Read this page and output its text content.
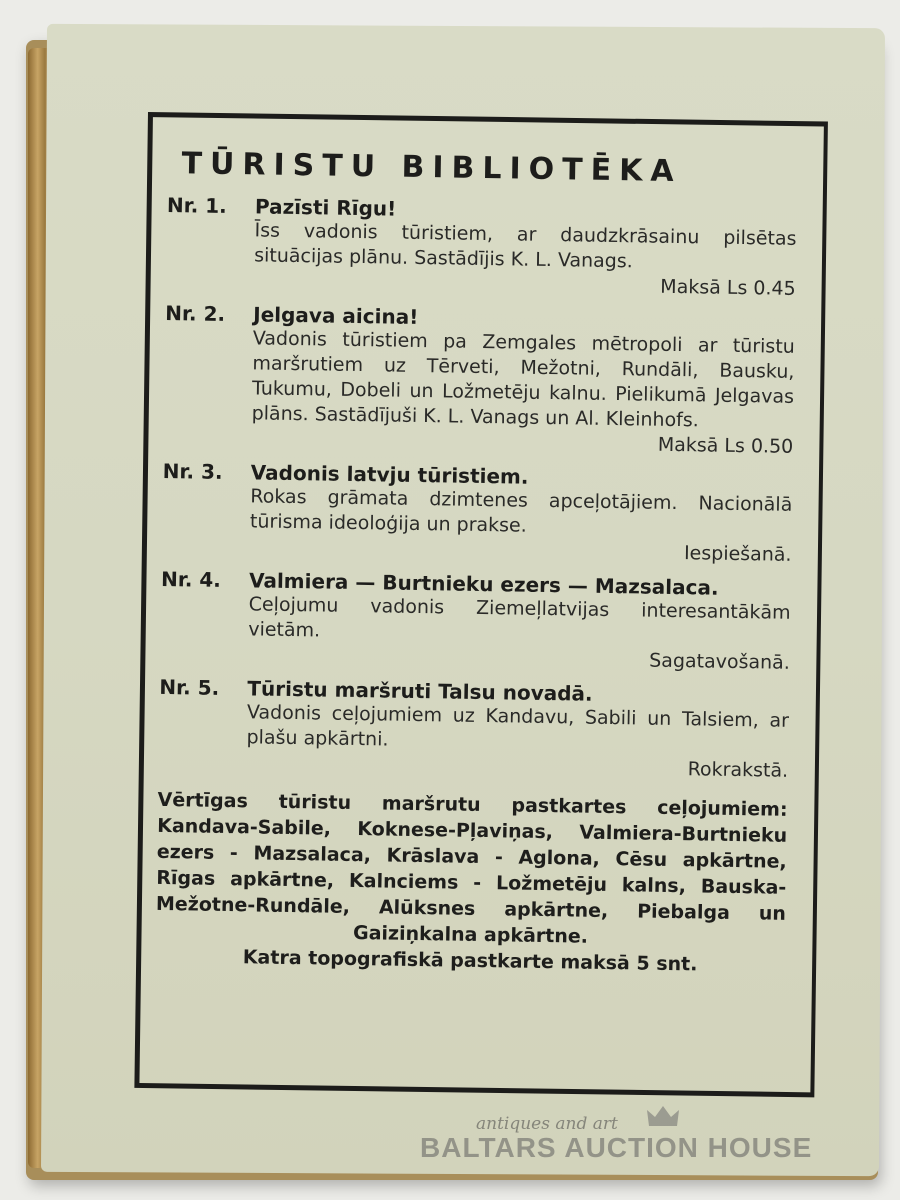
TŪRISTU BIBLIOTĒKA
Nr. 1. Pazīsti Rīgu!
Īss vadonis tūristiem, ar daudzkrāsainu pilsētas situācijas plānu. Sastādījis K. L. Vanags.
Maksā Ls 0.45
Nr. 2. Jelgava aicina!
Vadonis tūristiem pa Zemgales mētropoli ar tūristu maršrutiem uz Tērveti, Mežotni, Rundāli, Bausku, Tukumu, Dobeli un Ložmetēju kalnu. Pielikumā Jelgavas plāns. Sastādījuši K. L. Vanags un Al. Kleinhofs.
Maksā Ls 0.50
Nr. 3. Vadonis latvju tūristiem.
Rokas grāmata dzimtenes apceļotājiem. Nacionālā tūrisma ideoloģija un prakse.
Iespiešanā.
Nr. 4. Valmiera — Burtnieku ezers — Mazsalaca.
Ceļojumu vadonis Ziemeļlatvijas interesantākām vietām.
Sagatavošanā.
Nr. 5. Tūristu maršruti Talsu novadā.
Vadonis ceļojumiem uz Kandavu, Sabili un Talsiem, ar plašu apkārtni.
Rokrakstā.
Vērtīgas tūristu maršrutu pastkartes ceļojumiem: Kandava-Sabile, Koknese-Pļaviņas, Valmiera-Burtnieku ezers - Mazsalaca, Krāslava - Aglona, Cēsu apkārtne, Rīgas apkārtne, Kalnciems - Ložmetēju kalns, Bauska-Mežotne-Rundāle, Alūksnes apkārtne, Piebalga un Gaiziņkalna apkārtne.
Katra topografiskā pastkarte maksā 5 snt.
antiques and art
BALTARS AUCTION HOUSE
